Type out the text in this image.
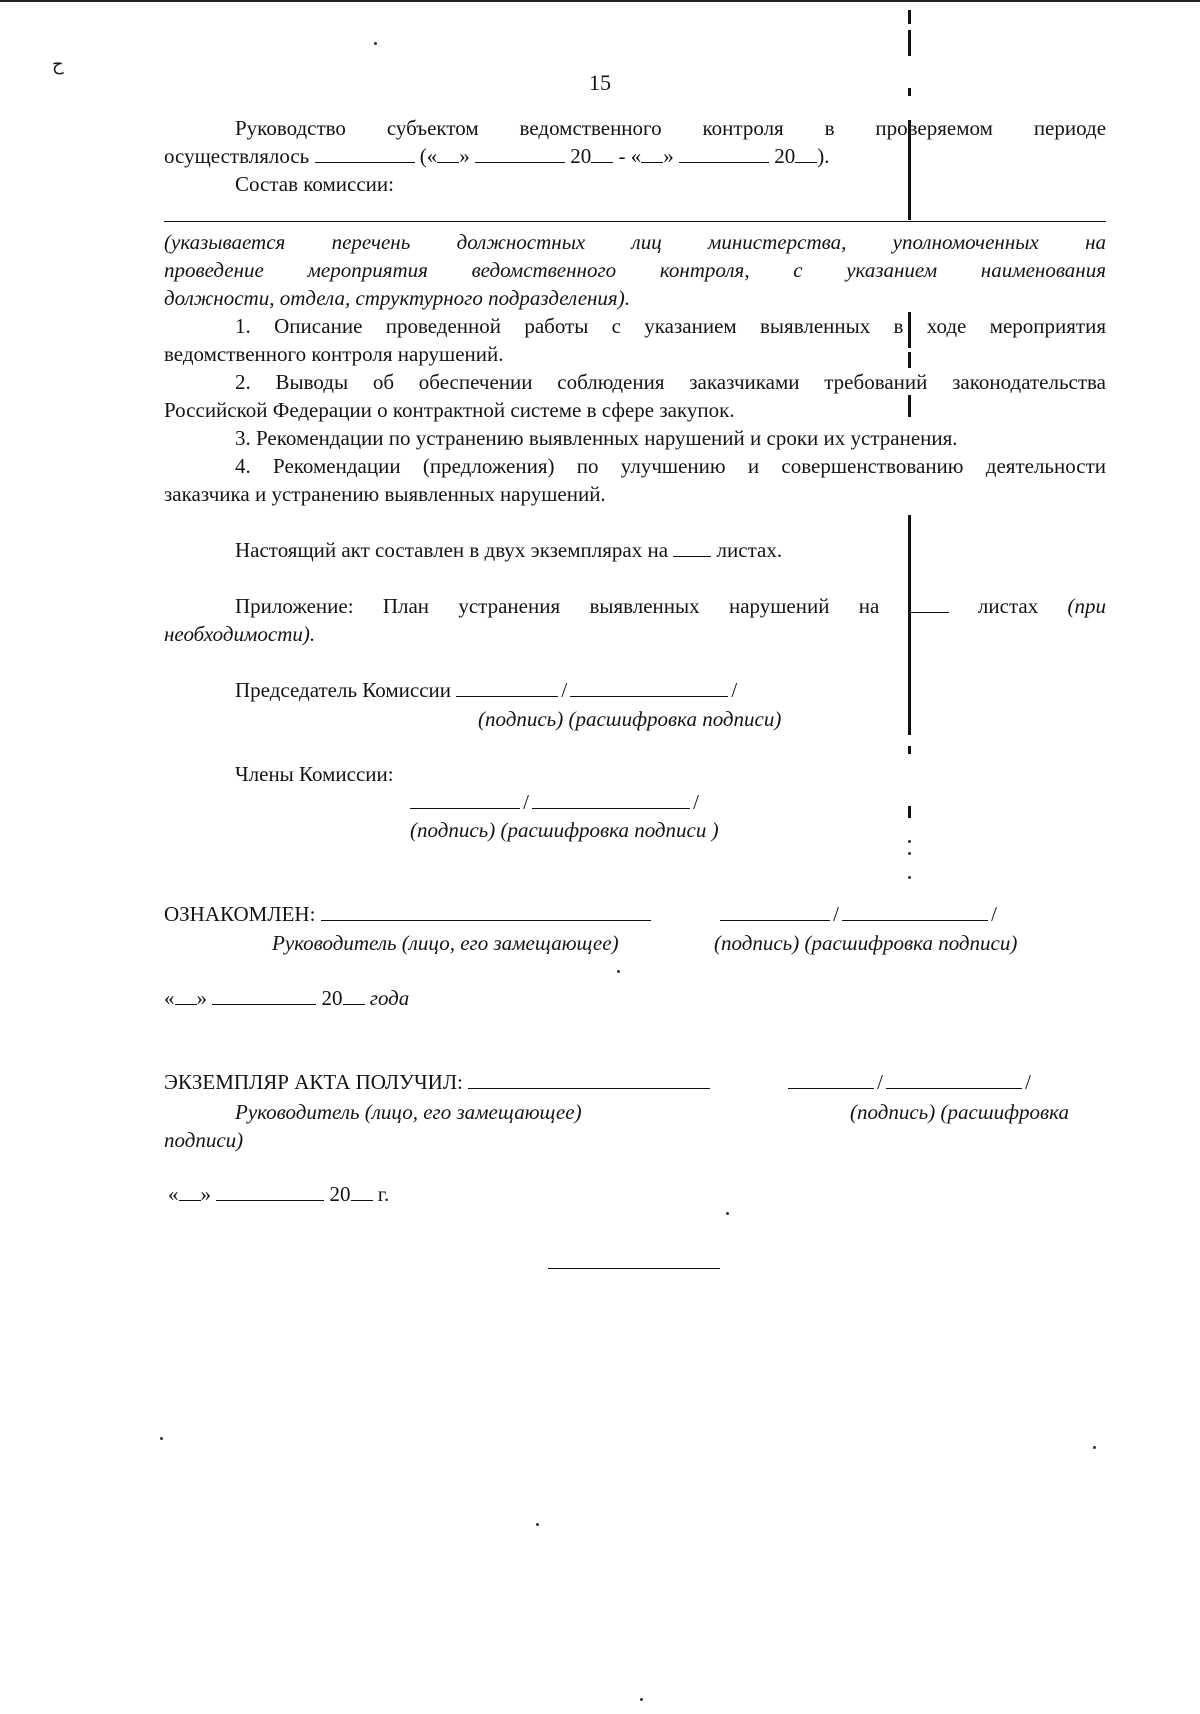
ح
15
Руководство субъектом ведомственного контроля в проверяемом периоде
осуществлялось	(« »	20 - « »	20 ).
Состав комиссии:
(указывается перечень должностных лиц министерства, уполномоченных на
проведение мероприятия ведомственного контроля, с указанием наименования
должности, отдела, структурного подразделения).
1. Описание проведенной работы с указанием выявленных в ходе мероприятия
ведомственного контроля нарушений.
2. Выводы об обеспечении соблюдения заказчиками требований законодательства
Российской Федерации о контрактной системе в сфере закупок.
3. Рекомендации по устранению выявленных нарушений и сроки их устранения.
4. Рекомендации (предложения) по улучшению и совершенствованию деятельности
заказчика и устранению выявленных нарушений.
Настоящий акт составлен в двух экземплярах на листах.
Приложение: План устранения выявленных нарушений на	листах (при
необходимости).
Председатель Комиссии	/	/
(подпись) (расшифровка подписи)
Члены Комиссии:
/	/
(подпись) (расшифровка подписи )
ОЗНАКОМЛЕН:	/	/
Руководитель (лицо, его замещающее)	(подпись) (расшифровка подписи)
« »	20 года
ЭКЗЕМПЛЯР АКТА ПОЛУЧИЛ:	/	/
Руководитель (лицо, его замещающее)	(подпись) (расшифровка
подписи)
« »	20 г.
